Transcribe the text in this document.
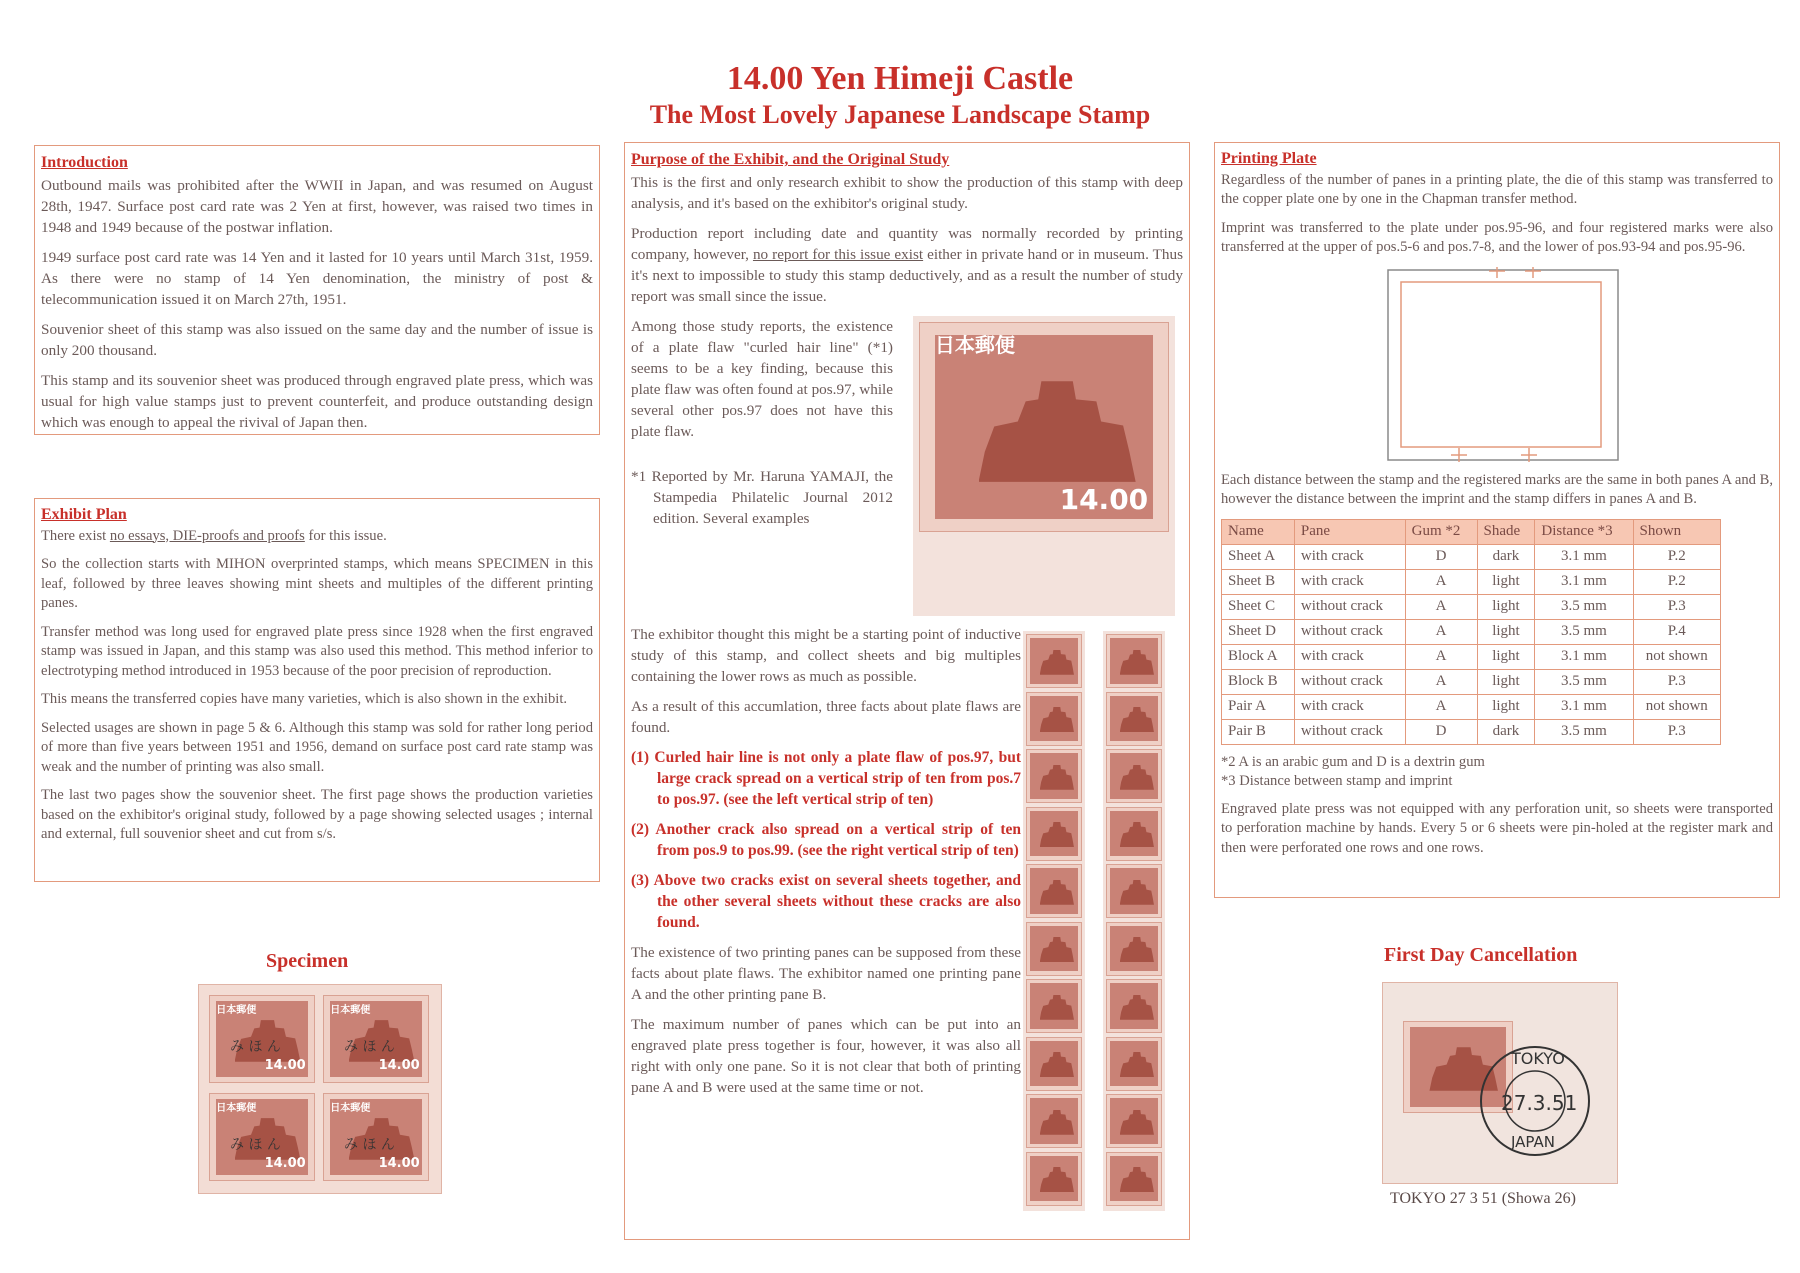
14.00 Yen Himeji Castle
The Most Lovely Japanese Landscape Stamp
Introduction

Outbound mails was prohibited after the WWII in Japan, and was resumed on August 28th, 1947. Surface post card rate was 2 Yen at first, however, was raised two times in 1948 and 1949 because of the postwar inflation.

1949 surface post card rate was 14 Yen and it lasted for 10 years until March 31st, 1959. As there were no stamp of 14 Yen denomination, the ministry of post & telecommunication issued it on March 27th, 1951.

Souvenior sheet of this stamp was also issued on the same day and the number of issue is only 200 thousand.

This stamp and its souvenior sheet was produced through engraved plate press, which was usual for high value stamps just to prevent counterfeit, and produce outstanding design which was enough to appeal the rivival of Japan then.

Exhibit Plan

There exist no essays, DIE-proofs and proofs for this issue.

So the collection starts with MIHON overprinted stamps, which means SPECIMEN in this leaf, followed by three leaves showing mint sheets and multiples of the different printing panes.

Transfer method was long used for engraved plate press since 1928 when the first engraved stamp was issued in Japan, and this stamp was also used this method. This method inferior to electrotyping method introduced in 1953 because of the poor precision of reproduction.

This means the transferred copies have many varieties, which is also shown in the exhibit.

Selected usages are shown in page 5 & 6. Although this stamp was sold for rather long period of more than five years between 1951 and 1956, demand on surface post card rate stamp was weak and the number of printing was also small.

The last two pages show the souvenior sheet. The first page shows the production varieties based on the exhibitor's original study, followed by a page showing selected usages ; internal and external, full souvenior sheet and cut from s/s.

Specimen
日本郵便
14.00
み ほ ん
日本郵便
14.00
み ほ ん
日本郵便
14.00
み ほ ん
日本郵便
14.00
み ほ ん
Purpose of the Exhibit, and the Original Study

This is the first and only research exhibit to show the production of this stamp with deep analysis, and it's based on the exhibitor's original study.

Production report including date and quantity was normally recorded by printing company, however, no report for this issue exist either in private hand or in museum. Thus it's next to impossible to study this stamp deductively, and as a result the number of study report was small since the issue.

Among those study reports, the existence of a plate flaw "curled hair line" (*1) seems to be a key finding, because this plate flaw was often found at pos.97, while several other pos.97 does not have this plate flaw.

*1 Reported by Mr. Haruna YAMAJI, the Stampedia Philatelic Journal 2012 edition. Several examples

日本郵便
14.00

The exhibitor thought this might be a starting point of inductive study of this stamp, and collect sheets and big multiples containing the lower rows as much as possible.

As a result of this accumlation, three facts about plate flaws are found.

(1) Curled hair line is not only a plate flaw of pos.97, but large crack spread on a vertical strip of ten from pos.7 to pos.97. (see the left vertical strip of ten)

(2) Another crack also spread on a vertical strip of ten from pos.9 to pos.99. (see the right vertical strip of ten)

(3) Above two cracks exist on several sheets together, and the other several sheets without these cracks are also found.

The existence of two printing panes can be supposed from these facts about plate flaws. The exhibitor named one printing pane A and the other printing pane B.

The maximum number of panes which can be put into an engraved plate press together is four, however, it was also all right with only one pane. So it is not clear that both of printing pane A and B were used at the same time or not.

Printing Plate

Regardless of the number of panes in a printing plate, the die of this stamp was transferred to the copper plate one by one in the Chapman transfer method.

Imprint was transferred to the plate under pos.95-96, and four registered marks were also transferred at the upper of pos.5-6 and pos.7-8, and the lower of pos.93-94 and pos.95-96.

Each distance between the stamp and the registered marks are the same in both panes A and B, however the distance between the imprint and the stamp differs in panes A and B.

Name	Pane	Gum *2	Shade	Distance *3	Shown
Sheet A	with crack	D	dark	3.1 mm	P.2
Sheet B	with crack	A	light	3.1 mm	P.2
Sheet C	without crack	A	light	3.5 mm	P.3
Sheet D	without crack	A	light	3.5 mm	P.4
Block A	with crack	A	light	3.1 mm	not shown
Block B	without crack	A	light	3.5 mm	P.3
Pair A	with crack	A	light	3.1 mm	not shown
Pair B	without crack	D	dark	3.5 mm	P.3
*2 A is an arabic gum and D is a dextrin gum
*3 Distance between stamp and imprint

Engraved plate press was not equipped with any perforation unit, so sheets were transported to perforation machine by hands. Every 5 or 6 sheets were pin-holed at the register mark and then were perforated one rows and one rows.

First Day Cancellation
TOKYO
27.3.51
JAPAN
TOKYO 27 3 51 (Showa 26)
